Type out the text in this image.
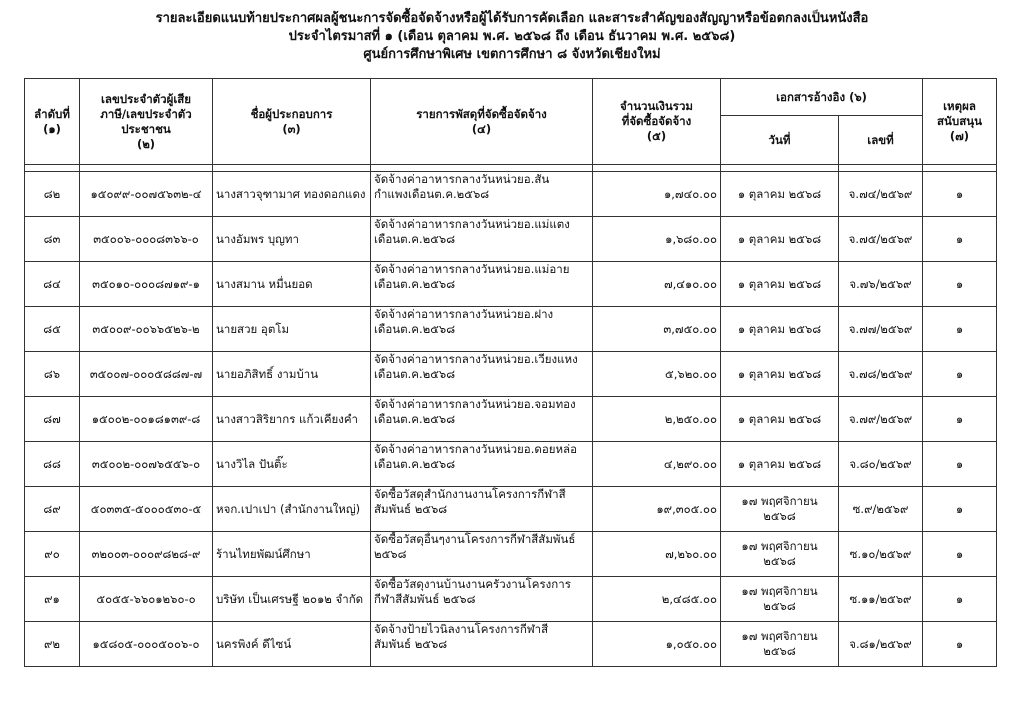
รายละเอียดแนบท้ายประกาศผลผู้ชนะการจัดซื้อจัดจ้างหรือผู้ได้รับการคัดเลือก และสาระสำคัญของสัญญาหรือข้อตกลงเป็นหนังสือ
ประจำไตรมาสที่ ๑ (เดือน ตุลาคม พ.ศ. ๒๕๖๘ ถึง เดือน ธันวาคม พ.ศ. ๒๕๖๘)
ศูนย์การศึกษาพิเศษ เขตการศึกษา ๘ จังหวัดเชียงใหม่
ลำดับที่
(๑)	เลขประจำตัวผู้เสีย
ภาษี/เลขประจำตัว
ประชาชน
(๒)	ชื่อผู้ประกอบการ
(๓)	รายการพัสดุที่จัดซื้อจัดจ้าง
(๔)	จำนวนเงินรวม
ที่จัดซื้อจัดจ้าง
(๕)	เอกสารอ้างอิง (๖)		เหตุผล
สนับสนุน
(๗)

					วันที่	เลขที่	

๘๒	๑๕๐๙๙-๐๐๗๕๖๓๒-๔	นางสาวจุฑามาศ ทองดอกแดง	จัดจ้างค่าอาหารกลางวันหน่วยอ.สัน
กำแพงเดือนต.ค.๒๕๖๘	๑,๗๔๐.๐๐	๑ ตุลาคม ๒๕๖๘	จ.๗๔/๒๕๖๙	๑
๘๓	๓๕๐๐๖-๐๐๐๘๓๖๖-๐	นางอัมพร บุญทา	จัดจ้างค่าอาหารกลางวันหน่วยอ.แม่แตง
เดือนต.ค.๒๕๖๘	๑,๖๘๐.๐๐	๑ ตุลาคม ๒๕๖๘	จ.๗๕/๒๕๖๙	๑
๘๔	๓๕๐๑๐-๐๐๐๘๗๑๙-๑	นางสมาน หมื่นยอด	จัดจ้างค่าอาหารกลางวันหน่วยอ.แม่อาย
เดือนต.ค.๒๕๖๘	๗,๔๑๐.๐๐	๑ ตุลาคม ๒๕๖๘	จ.๗๖/๒๕๖๙	๑
๘๕	๓๕๐๐๙-๐๐๖๖๕๒๖-๒	นายสวย อุตโม	จัดจ้างค่าอาหารกลางวันหน่วยอ.ฝาง
เดือนต.ค.๒๕๖๘	๓,๗๕๐.๐๐	๑ ตุลาคม ๒๕๖๘	จ.๗๗/๒๕๖๙	๑
๘๖	๓๕๐๐๗-๐๐๐๕๘๘๗-๗	นายอภิสิทธิ์ งามบ้าน	จัดจ้างค่าอาหารกลางวันหน่วยอ.เวียงแหง
เดือนต.ค.๒๕๖๘	๕,๖๒๐.๐๐	๑ ตุลาคม ๒๕๖๘	จ.๗๘/๒๕๖๙	๑
๘๗	๑๕๐๐๒-๐๐๑๘๑๓๙-๘	นางสาวสิริยากร แก้วเคียงคำ	จัดจ้างค่าอาหารกลางวันหน่วยอ.จอมทอง
เดือนต.ค.๒๕๖๘	๒,๒๕๐.๐๐	๑ ตุลาคม ๒๕๖๘	จ.๗๙/๒๕๖๙	๑
๘๘	๓๕๐๐๒-๐๐๗๖๕๕๖-๐	นางวิไล ปันติ๊ะ	จัดจ้างค่าอาหารกลางวันหน่วยอ.ดอยหล่อ
เดือนต.ค.๒๕๖๘	๔,๒๙๐.๐๐	๑ ตุลาคม ๒๕๖๘	จ.๘๐/๒๕๖๙	๑
๘๙	๕๐๓๓๕-๕๐๐๐๕๓๐-๕	หจก.เปาเปา (สำนักงานใหญ่)	จัดซื้อวัสดุสำนักงานงานโครงการกีฬาสี
สัมพันธ์ ๒๕๖๘	๑๙,๓๐๕.๐๐	๑๗ พฤศจิกายน ๒๕๖๘	ซ.๙/๒๕๖๙	๑
๙๐	๓๒๐๐๓-๐๐๐๙๘๒๘-๙	ร้านไทยพัฒน์ศึกษา	จัดซื้อวัสดุอื่นๆงานโครงการกีฬาสีสัมพันธ์
๒๕๖๘	๗,๒๖๐.๐๐	๑๗ พฤศจิกายน ๒๕๖๘	ซ.๑๐/๒๕๖๙	๑
๙๑	๕๐๕๕-๖๖๐๑๒๖๐-๐	บริษัท เป็นเศรษฐี ๒๐๑๒ จำกัด	จัดซื้อวัสดุงานบ้านงานครัวงานโครงการ
กีฬาสีสัมพันธ์ ๒๕๖๘	๒,๔๘๕.๐๐	๑๗ พฤศจิกายน ๒๕๖๘	ซ.๑๑/๒๕๖๙	๑
๙๒	๑๕๘๐๕-๐๐๐๕๐๐๖-๐	นครพิงค์ ดีไซน์	จัดจ้างป้ายไวนิลงานโครงการกีฬาสี
สัมพันธ์ ๒๕๖๘	๑,๐๕๐.๐๐	๑๗ พฤศจิกายน ๒๕๖๘	จ.๘๑/๒๕๖๙	๑
